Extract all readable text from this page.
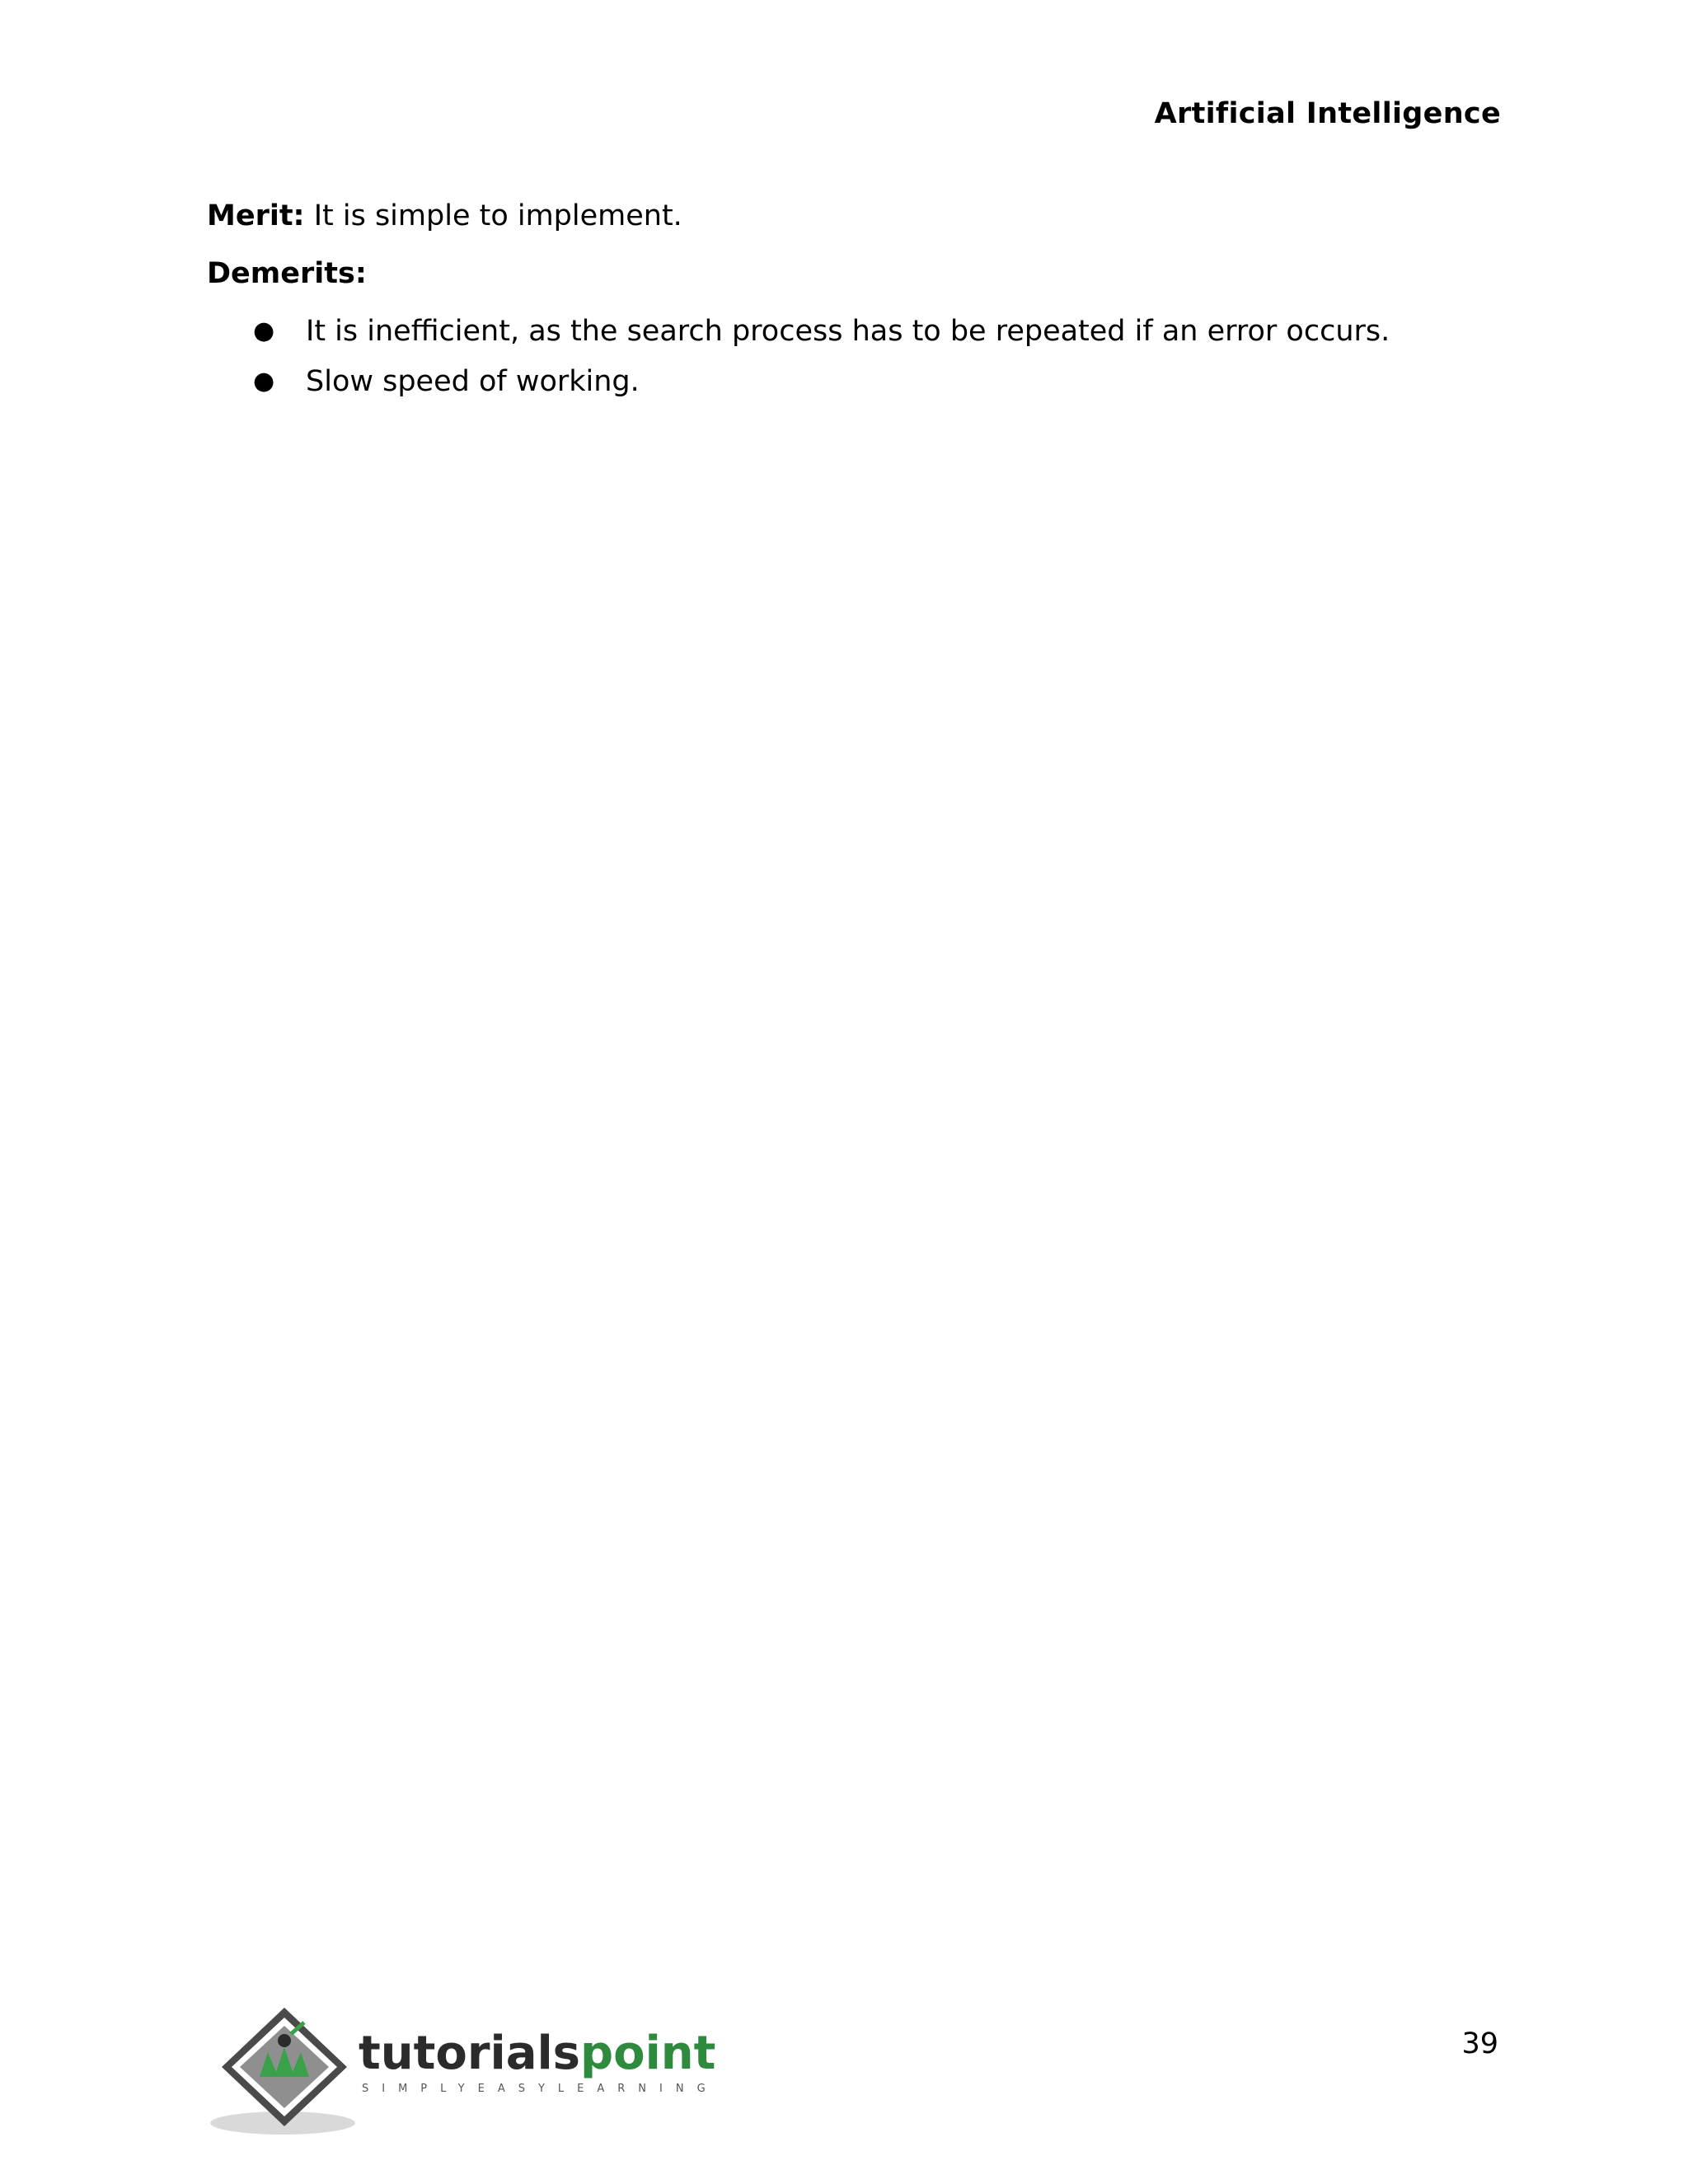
Artificial Intelligence

Merit: It is simple to implement.

Demerits:

● It is inefficient, as the search process has to be repeated if an error occurs.
● Slow speed of working.
tutorialspoint
SIMPLYEASYLEARNING
39
